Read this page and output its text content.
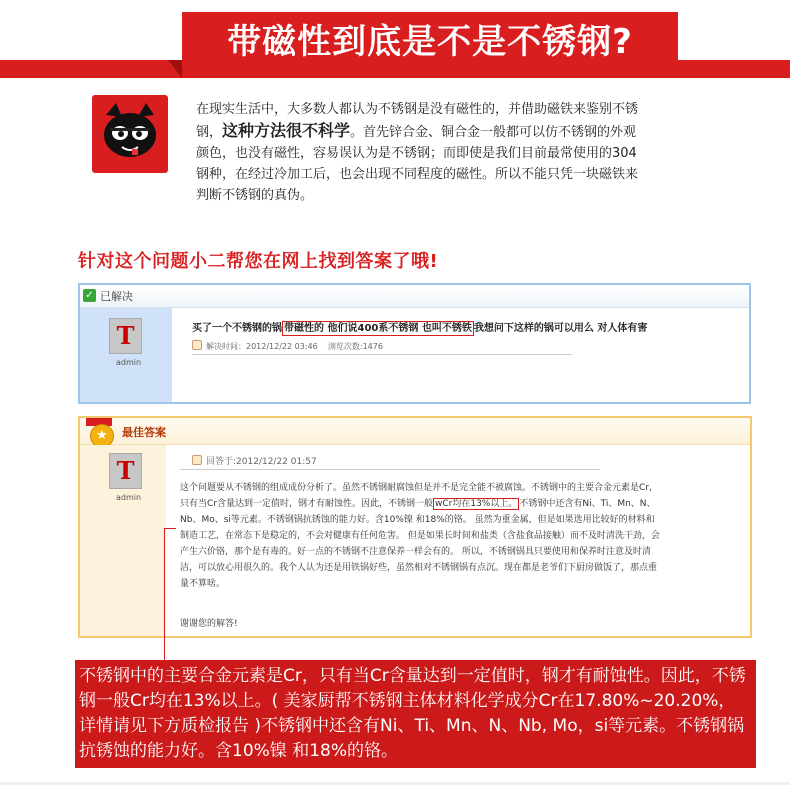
带磁性到底是不是不锈钢?
在现实生活中，大多数人都认为不锈钢是没有磁性的，并借助磁铁来鉴别不锈钢，这种方法很不科学。首先锌合金、铜合金一般都可以仿不锈钢的外观颜色，也没有磁性，容易误认为是不锈钢；而即使是我们目前最常使用的304钢种，在经过冷加工后，也会出现不同程度的磁性。所以不能只凭一块磁铁来判断不锈钢的真伪。
针对这个问题小二帮您在网上找到答案了哦!
✓ 已解决
T
admin
买了一个不锈钢的锅 带磁性的 他们说400系不锈钢 也叫不锈铁 我想问下这样的锅可以用么 对人体有害
解决时间：2012/12/22 03:46 浏览次数:1476
★	最佳答案
T
admin
回答于:2012/12/22 01:57
这个问题要从不锈钢的组成成份分析了。虽然不锈钢耐腐蚀但是并不是完全能不被腐蚀。不锈钢中的主要合金元素是Cr，只有当Cr含量达到一定值时，钢才有耐蚀性。因此，不锈钢一般 wCr均在13%以上。 不锈钢中还含有Ni、Ti、Mn、N、Nb、Mo、si等元素。不锈钢锅抗锈蚀的能力好。含10%镍 和18%的铬。 虽然为重金属，但是如果选用比较好的材料和制造工艺，在常态下是稳定的，不会对健康有任何危害。 但是如果长时间和盐类（含盐食品接触）而不及时清洗干劲，会产生六价铬，那个是有毒的。好一点的不锈钢不注意保养一样会有的。 所以，不锈钢锅具只要使用和保养时注意及时清洁，可以放心用很久的。我个人认为还是用铁锅好些，虽然相对不锈钢锅有点沉。现在都是老爷们下厨房做饭了，那点重量不算啥。
谢谢您的解答!
不锈钢中的主要合金元素是Cr，只有当Cr含量达到一定值时，钢才有耐蚀性。因此，不锈钢一般Cr均在13%以上。( 美家厨帮不锈钢主体材料化学成分Cr在17.80%~20.20%，详情请见下方质检报告 )不锈钢中还含有Ni、Ti、Mn、N、Nb, Mo，si等元素。不锈钢锅抗锈蚀的能力好。含10%镍 和18%的铬。
